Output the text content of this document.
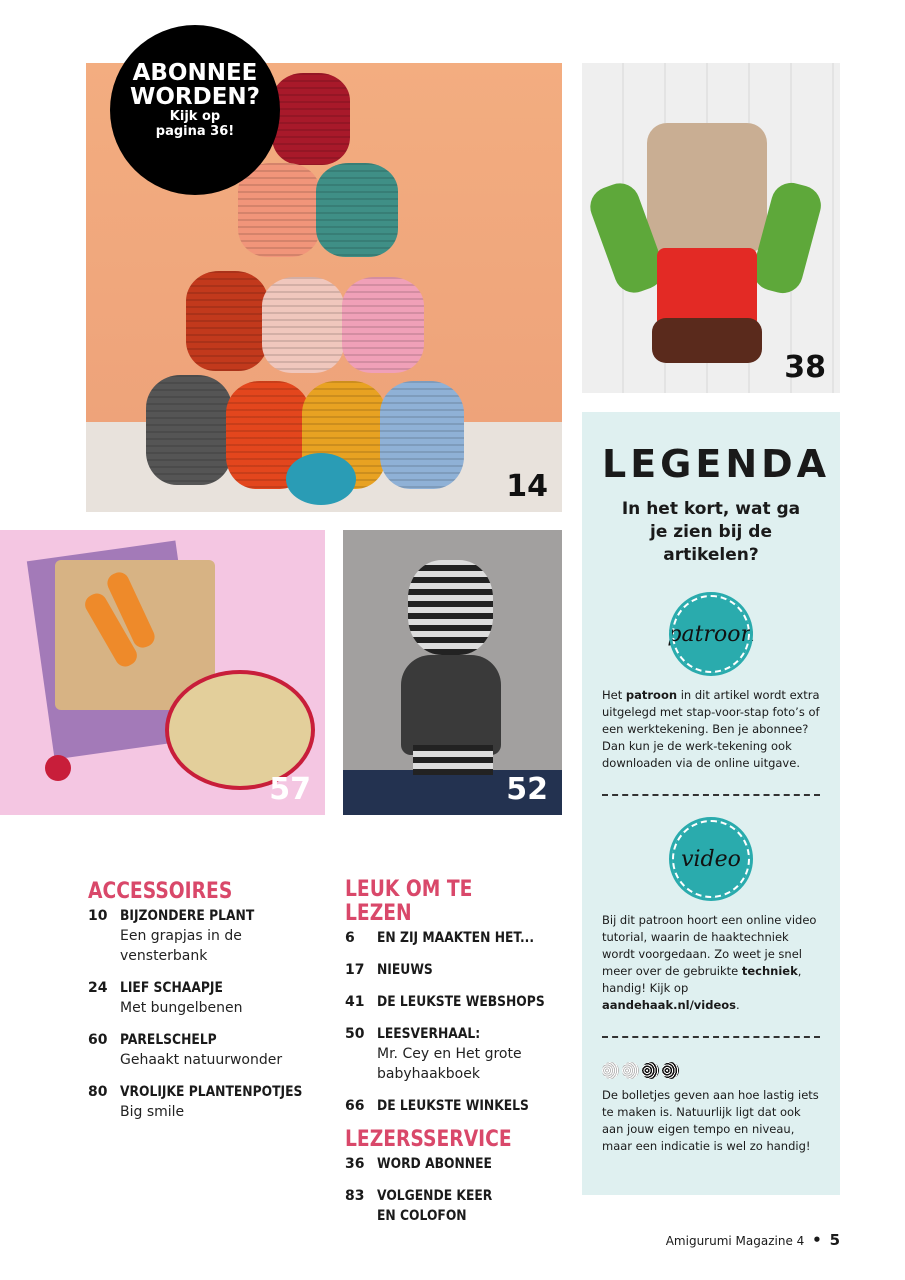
14
ABONNEE
WORDEN?
Kijk op
pagina 36!
38
57	52
LEGENDA
In het kort, wat ga je zien bij de artikelen?
patroon

Het patroon in dit artikel wordt extra uitgelegd met stap-voor-stap foto’s of een werktekening. Ben je abonnee? Dan kun je de werk-tekening ook downloaden via de online uitgave.

video

Bij dit patroon hoort een online video tutorial, waarin de haaktechniek wordt voorgedaan. Zo weet je snel meer over de gebruikte techniek, handig! Kijk op aandehaak.nl/videos.

De bolletjes geven aan hoe lastig iets te maken is. Natuurlijk ligt dat ook aan jouw eigen tempo en niveau, maar een indicatie is wel zo handig!

ACCESSOIRES
10 BIJZONDERE PLANT
Een grapjas in de vensterbank
24 LIEF SCHAAPJE
Met bungelbenen
60 PARELSCHELP
Gehaakt natuurwonder
80 VROLIJKE PLANTENPOTJES
Big smile
LEUK OM TE LEZEN
6	EN ZIJ MAAKTEN HET...
17 NIEUWS
41 DE LEUKSTE WEBSHOPS
50 LEESVERHAAL:
Mr. Cey en Het grote babyhaakboek
66 DE LEUKSTE WINKELS
LEZERSSERVICE
36 WORD ABONNEE
83 VOLGENDE KEER
EN COLOFON
Amigurumi Magazine 4 • 5
